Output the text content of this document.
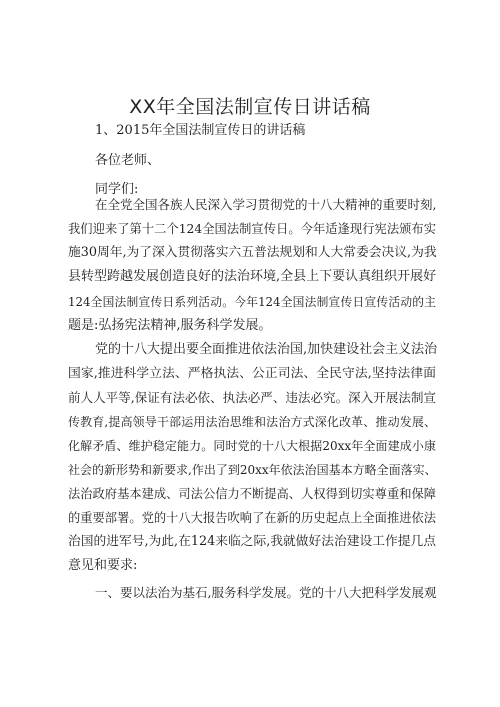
XX年全国法制宣传日讲话稿
1、2015年全国法制宣传日的讲话稿
各位老师、
同学们:
在全党全国各族人民深入学习贯彻党的十八大精神的重要时刻,
我们迎来了第十二个124全国法制宣传日。今年适逢现行宪法颁布实
施30周年,为了深入贯彻落实六五普法规划和人大常委会决议,为我
县转型跨越发展创造良好的法治环境,全县上下要认真组织开展好
124全国法制宣传日系列活动。今年124全国法制宣传日宣传活动的主
题是:弘扬宪法精神,服务科学发展。
党的十八大提出要全面推进依法治国,加快建设社会主义法治
国家,推进科学立法、严格执法、公正司法、全民守法,坚持法律面
前人人平等,保证有法必依、执法必严、违法必究。深入开展法制宣
传教育,提高领导干部运用法治思维和法治方式深化改革、推动发展、
化解矛盾、维护稳定能力。同时党的十八大根据20xx年全面建成小康
社会的新形势和新要求,作出了到20xx年依法治国基本方略全面落实、
法治政府基本建成、司法公信力不断提高、人权得到切实尊重和保障
的重要部署。党的十八大报告吹响了在新的历史起点上全面推进依法
治国的进军号,为此,在124来临之际,我就做好法治建设工作提几点
意见和要求:
一、要以法治为基石,服务科学发展。党的十八大把科学发展观
